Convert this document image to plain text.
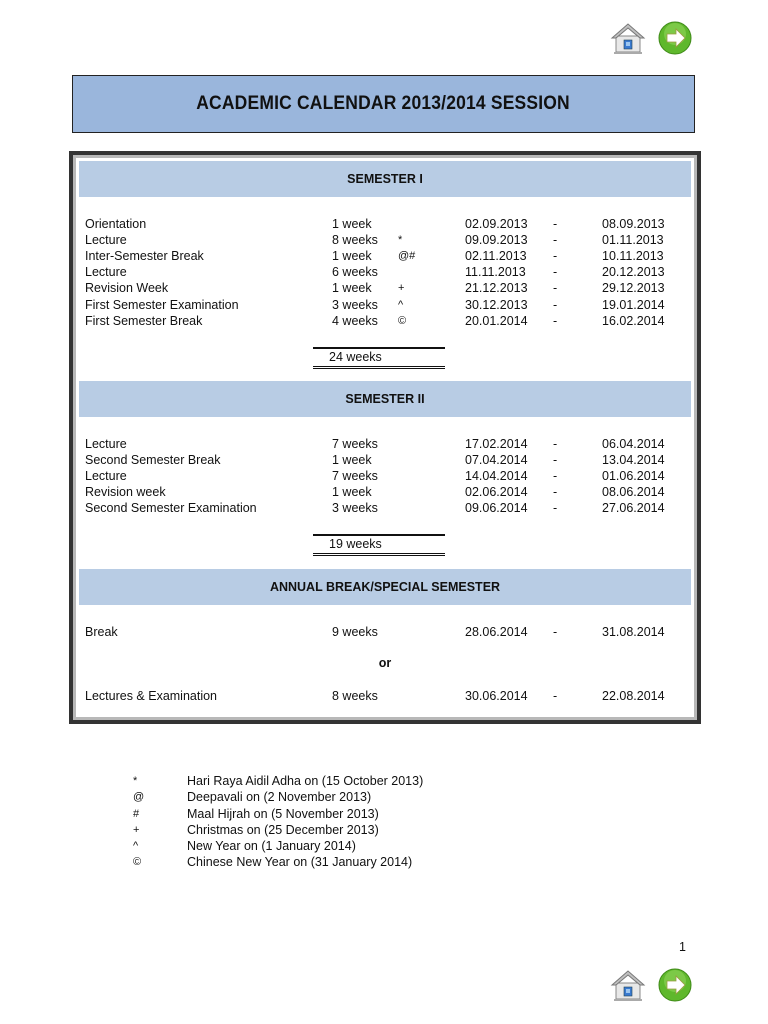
ACADEMIC CALENDAR 2013/2014 SESSION
SEMESTER I
Orientation	1 week	02.09.2013 -	08.09.2013
Lecture	8 weeks *	09.09.2013 -	01.11.2013
Inter-Semester Break	1 week @#	02.11.2013 -	10.11.2013
Lecture	6 weeks	11.11.2013 -	20.12.2013
Revision Week	1 week +	21.12.2013 -	29.12.2013
First Semester Examination	3 weeks ^	30.12.2013 -	19.01.2014
First Semester Break	4 weeks ©	20.01.2014 -	16.02.2014
24 weeks
SEMESTER II
Lecture	7 weeks	17.02.2014 -	06.04.2014
Second Semester Break	1 week	07.04.2014 -	13.04.2014
Lecture	7 weeks	14.04.2014 -	01.06.2014
Revision week	1 week	02.06.2014 -	08.06.2014
Second Semester Examination	3 weeks	09.06.2014 -	27.06.2014
19 weeks
ANNUAL BREAK/SPECIAL SEMESTER
Break	9 weeks	28.06.2014 -	31.08.2014
Lectures & Examination	8 weeks	30.06.2014 -	22.08.2014
or
*	Hari Raya Aidil Adha on (15 October 2013)
@	Deepavali on (2 November 2013)
#	Maal Hijrah on (5 November 2013)
+	Christmas on (25 December 2013)
^	New Year on (1 January 2014)
©	Chinese New Year on (31 January 2014)
1
